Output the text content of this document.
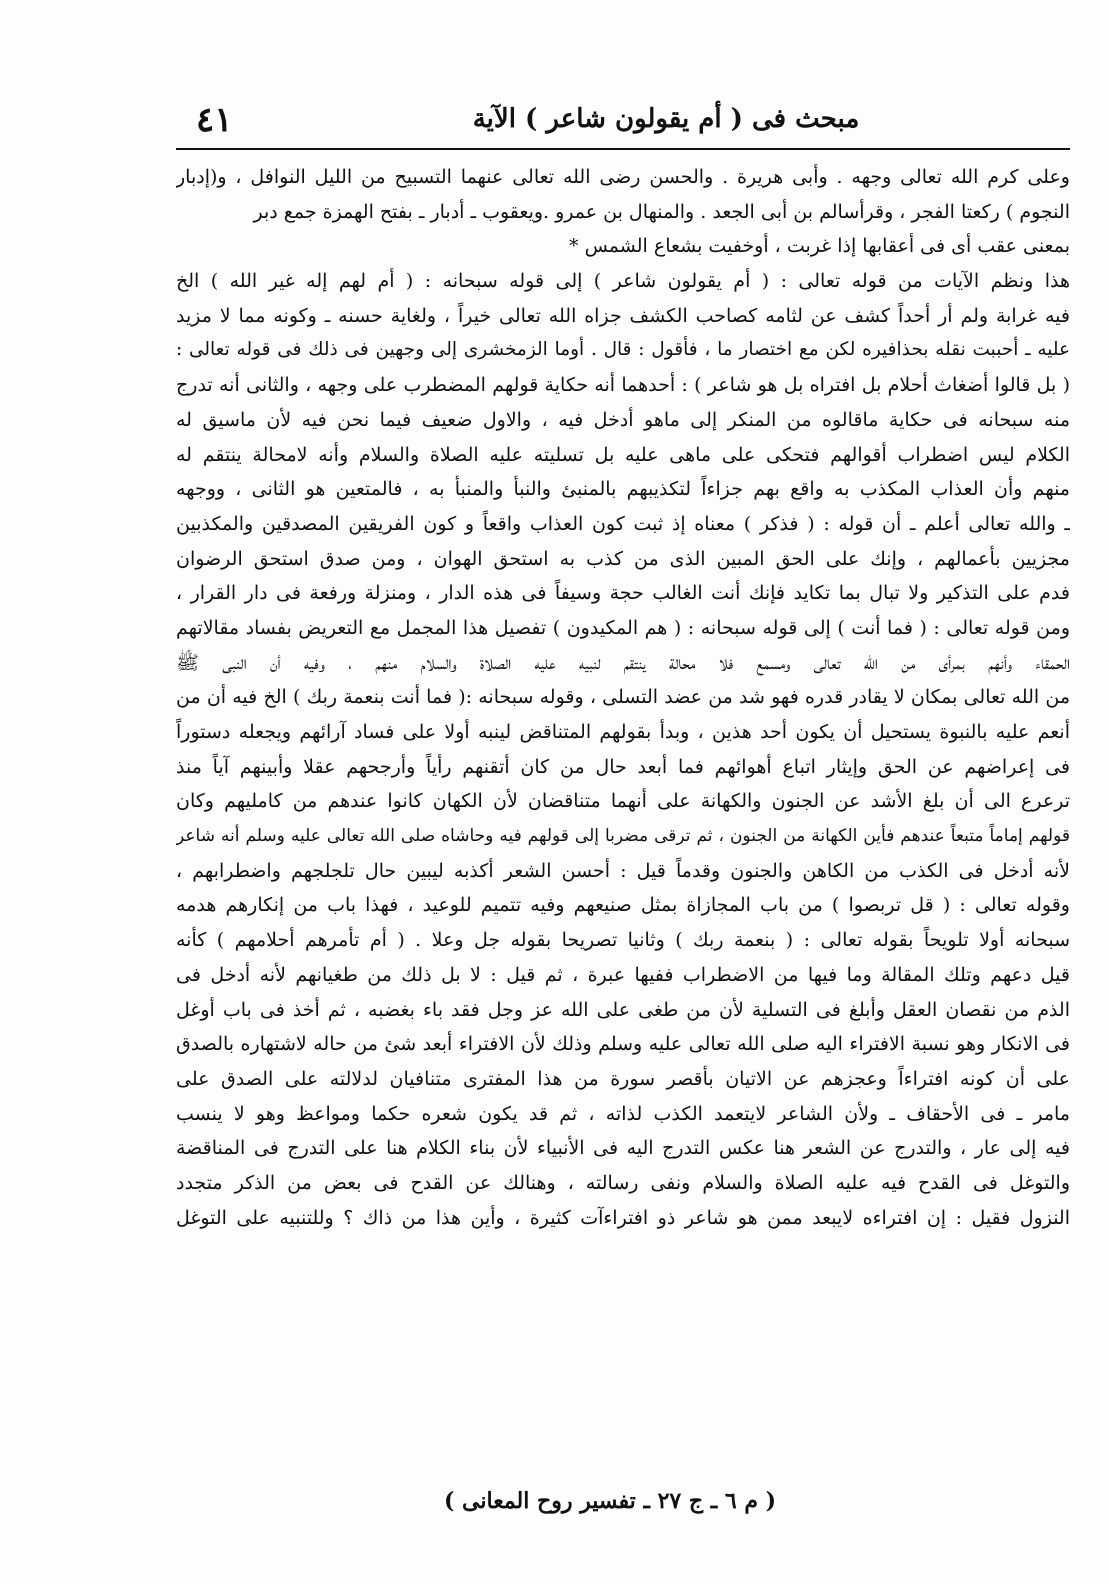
٤١	مبحث فى ( أم يقولون شاعر ) الآية
وعلى كرم الله تعالى وجهه . وأبى هريرة . والحسن رضى الله تعالى عنهما التسبيح من الليل النوافل ، و(إدبار
النجوم ) ركعتا الفجر ، وقرأسالم بن أبى الجعد . والمنهال بن عمرو .ويعقوب ـ أدبار ـ بفتح الهمزة جمع دبر
بمعنى عقب أى فى أعقابها إذا غربت ، أوخفيت بشعاع الشمس *
هذا ونظم الآيات من قوله تعالى : ( أم يقولون شاعر ) إلى قوله سبحانه : ( أم لهم إله غير الله ) الخ
فيه غرابة ولم أر أحداً كشف عن لثامه كصاحب الكشف جزاه الله تعالى خيراً ، ولغاية حسنه ـ وكونه مما لا مزيد
عليه ـ أحببت نقله بحذافيره لكن مع اختصار ما ، فأقول : قال . أوما الزمخشرى إلى وجهين فى ذلك فى قوله تعالى :
( بل قالوا أضغاث أحلام بل افتراه بل هو شاعر ) : أحدهما أنه حكاية قولهم المضطرب على وجهه ، والثانى أنه تدرج
منه سبحانه فى حكاية ماقالوه من المنكر إلى ماهو أدخل فيه ، والاول ضعيف فيما نحن فيه لأن ماسيق له
الكلام ليس اضطراب أقوالهم فتحكى على ماهى عليه بل تسليته عليه الصلاة والسلام وأنه لامحالة ينتقم له
منهم وأن العذاب المكذب به واقع بهم جزاءاً لتكذيبهم بالمنبئ والنبأ والمنبأ به ، فالمتعين هو الثانى ، ووجهه
ـ والله تعالى أعلم ـ أن قوله : ( فذكر ) معناه إذ ثبت كون العذاب واقعاً و كون الفريقين المصدقين والمكذبين
مجزيين بأعمالهم ، وإنك على الحق المبين الذى من كذب به استحق الهوان ، ومن صدق استحق الرضوان
فدم على التذكير ولا تبال بما تكايد فإنك أنت الغالب حجة وسيفاً فى هذه الدار ، ومنزلة ورفعة فى دار القرار ،
ومن قوله تعالى : ( فما أنت ) إلى قوله سبحانه : ( هم المكيدون ) تفصيل هذا المجمل مع التعريض بفساد مقالاتهم
الحمقاء وأنهم بمرأى من الله تعالى ومسمع فلا محالة ينتقم لنبيه عليه الصلاة والسلام منهم ، وفيه أن النبى ﷺ
من الله تعالى بمكان لا يقادر قدره فهو شد من عضد التسلى ، وقوله سبحانه :( فما أنت بنعمة ربك ) الخ فيه أن من
أنعم عليه بالنبوة يستحيل أن يكون أحد هذين ، وبدأ بقولهم المتناقض لينبه أولا على فساد آرائهم ويجعله دستوراً
فى إعراضهم عن الحق وإيثار اتباع أهوائهم فما أبعد حال من كان أتقنهم رأياً وأرجحهم عقلا وأبينهم آياً منذ
ترعرع الى أن بلغ الأشد عن الجنون والكهانة على أنهما متناقضان لأن الكهان كانوا عندهم من كامليهم وكان
قولهم إماماً متبعاً عندهم فأين الكهانة من الجنون ، ثم ترقى مضربا إلى قولهم فيه وحاشاه صلى الله تعالى عليه وسلم أنه شاعر
لأنه أدخل فى الكذب من الكاهن والجنون وقدماً قيل : أحسن الشعر أكذبه ليبين حال تلجلجهم واضطرابهم ،
وقوله تعالى : ( قل تربصوا ) من باب المجازاة بمثل صنيعهم وفيه تتميم للوعيد ، فهذا باب من إنكارهم هدمه
سبحانه أولا تلويحاً بقوله تعالى : ( بنعمة ربك ) وثانيا تصريحا بقوله جل وعلا . ( أم تأمرهم أحلامهم ) كأنه
قيل دعهم وتلك المقالة وما فيها من الاضطراب ففيها عبرة ، ثم قيل : لا بل ذلك من طغيانهم لأنه أدخل فى
الذم من نقصان العقل وأبلغ فى التسلية لأن من طغى على الله عز وجل فقد باء بغضبه ، ثم أخذ فى باب أوغل
فى الانكار وهو نسبة الافتراء اليه صلى الله تعالى عليه وسلم وذلك لأن الافتراء أبعد شئ من حاله لاشتهاره بالصدق
على أن كونه افتراءاً وعجزهم عن الاتيان بأقصر سورة من هذا المفترى متنافيان لدلالته على الصدق على
مامر ـ فى الأحقاف ـ ولأن الشاعر لايتعمد الكذب لذاته ، ثم قد يكون شعره حكما ومواعظ وهو لا ينسب
فيه إلى عار ، والتدرج عن الشعر هنا عكس التدرج اليه فى الأنبياء لأن بناء الكلام هنا على التدرج فى المناقضة
والتوغل فى القدح فيه عليه الصلاة والسلام ونفى رسالته ، وهنالك عن القدح فى بعض من الذكر متجدد
النزول فقيل : إن افتراءه لايبعد ممن هو شاعر ذو افتراءآت كثيرة ، وأين هذا من ذاك ؟ وللتنبيه على التوغل
( م ٦ ـ ج ٢٧ ـ تفسير روح المعانى )
